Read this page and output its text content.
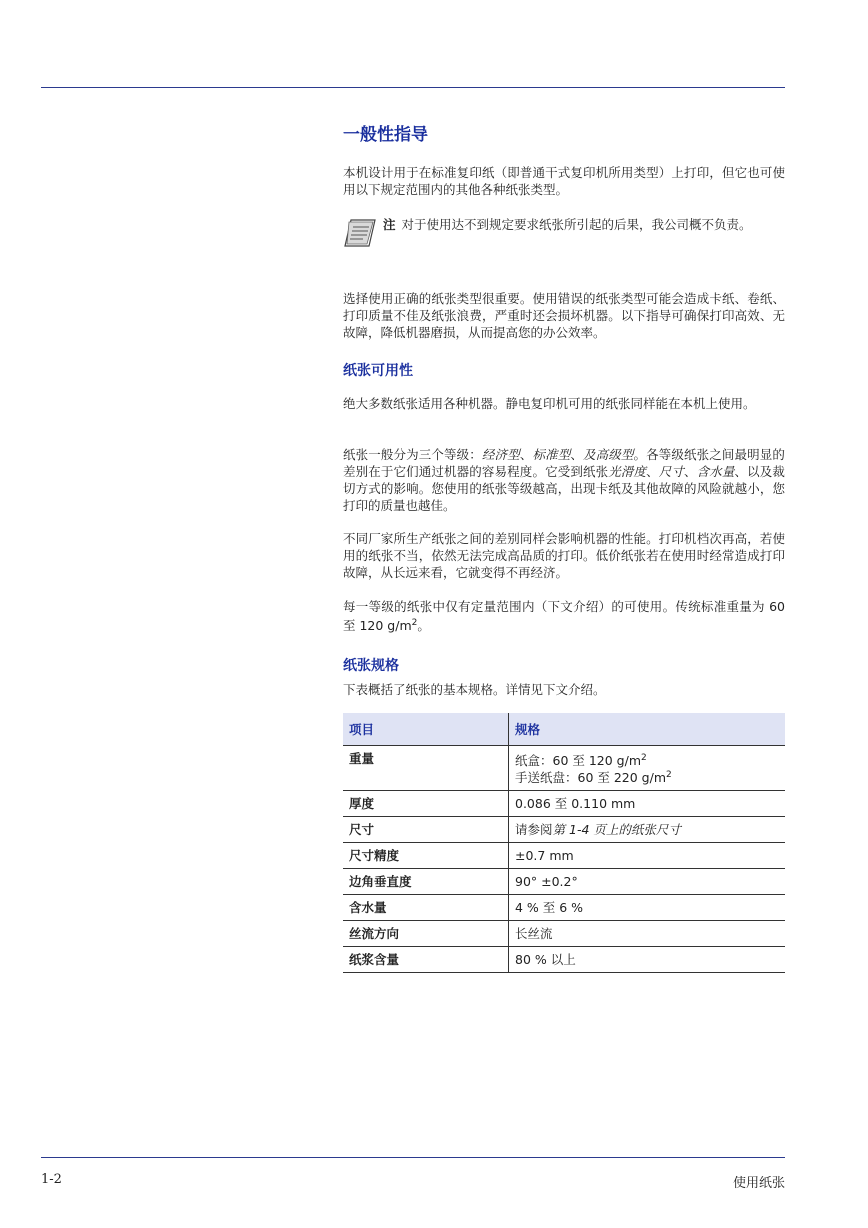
一般性指导

本机设计用于在标准复印纸（即普通干式复印机所用类型）上打印，但它也可使用以下规定范围内的其他各种纸张类型。

注 对于使用达不到规定要求纸张所引起的后果，我公司概不负责。

选择使用正确的纸张类型很重要。使用错误的纸张类型可能会造成卡纸、卷纸、打印质量不佳及纸张浪费，严重时还会损坏机器。以下指导可确保打印高效、无故障，降低机器磨损，从而提高您的办公效率。

纸张可用性

绝大多数纸张适用各种机器。静电复印机可用的纸张同样能在本机上使用。

纸张一般分为三个等级：经济型、标准型、及高级型。各等级纸张之间最明显的差别在于它们通过机器的容易程度。它受到纸张光滑度、尺寸、含水量、以及裁切方式的影响。您使用的纸张等级越高，出现卡纸及其他故障的风险就越小，您打印的质量也越佳。

不同厂家所生产纸张之间的差别同样会影响机器的性能。打印机档次再高，若使用的纸张不当，依然无法完成高品质的打印。低价纸张若在使用时经常造成打印故障，从长远来看，它就变得不再经济。

每一等级的纸张中仅有定量范围内（下文介绍）的可使用。传统标准重量为 60 至 120 $g/m^2$。

纸张规格

下表概括了纸张的基本规格。详情见下文介绍。

项目	规格
重量	纸盒：60 至 120 $g/m^2$
手送纸盘：60 至 220 $g/m^2$

厚度	0.086 至 0.110 mm
尺寸	请参阅第 1-4 页上的纸张尺寸
尺寸精度	±0.7 mm
边角垂直度	90° ±0.2°
含水量	4 % 至 6 %
丝流方向	长丝流
纸浆含量	80 % 以上
1-2	使用纸张
